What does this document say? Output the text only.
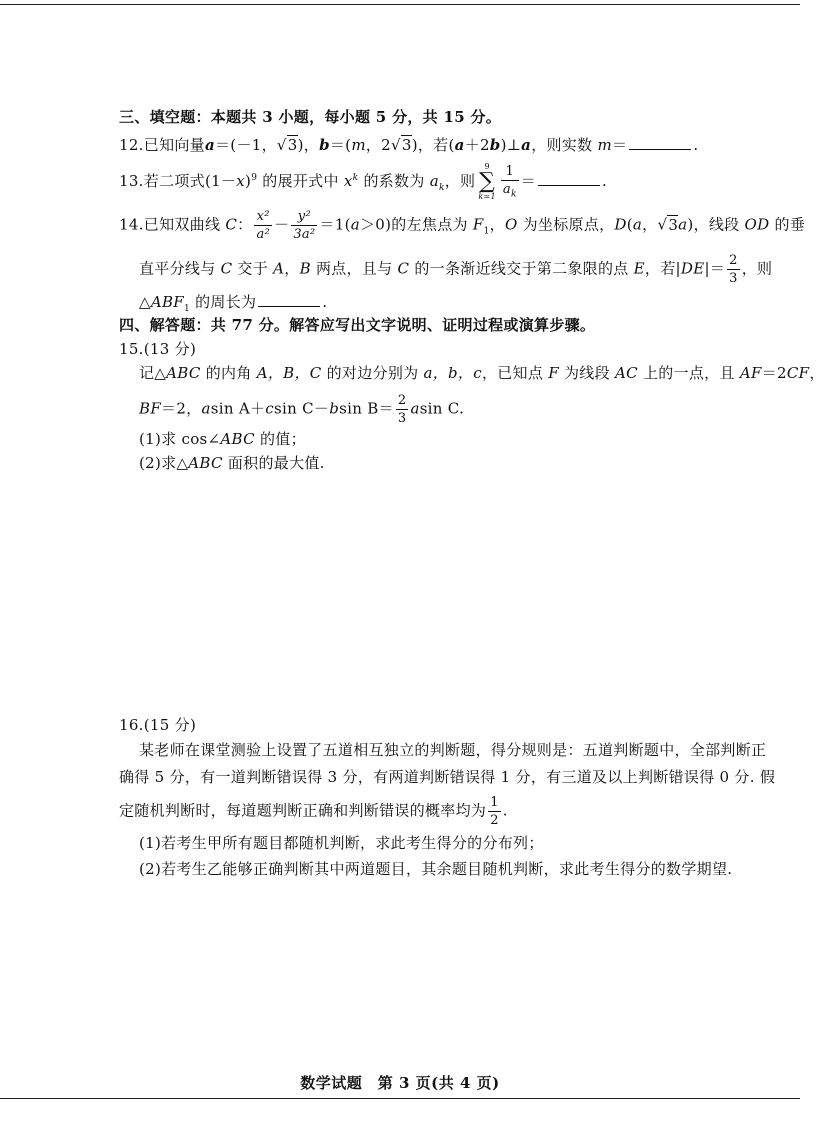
三、填空题：本题共 3 小题，每小题 5 分，共 15 分。
12.已知向量a＝(－1，√3)，b＝(m，2√3)，若(a＋2b)⊥a，则实数 m＝	.
13.若二项式$(1-x)^9$ 的展开式中 $x^k$ 的系数为 $a_k$，则
9
∑
$k=1 \frac{1}{a_k}$ ＝	.
14.已知双曲线 C： $\frac{\text{x²}}{\text{a²}} - \frac{\text{y²}}{\text{3a²}} =1(a>0)$的左焦点为 $F_1$，O 为坐标原点，D(a，√3a)，线段 OD 的垂
直平分线与 C 交于 A，B 两点，且与 C 的一条渐近线交于第二象限的点 E，若$|DE|= \frac{2}{3}$ ，则
$\triangle ABF_1$ 的周长为	.
四、解答题：共 77 分。解答应写出文字说明、证明过程或演算步骤。
15.(13 分)
记△ABC 的内角 A，B，C 的对边分别为 a，b，c，已知点 F 为线段 AC 上的一点，且 AF＝2CF，
BF＝2，asin A＋csin C－bsin $B= \frac{2}{3}$ asin C.
(1)求 cos∠ABC 的值；
(2)求△ABC 面积的最大值.
16.(15 分)
某老师在课堂测验上设置了五道相互独立的判断题，得分规则是：五道判断题中，全部判断正
确得 5 分，有一道判断错误得 3 分，有两道判断错误得 1 分，有三道及以上判断错误得 0 分. 假
定随机判断时，每道题判断正确和判断错误的概率均为 $\frac{1}{2}$ .
(1)若考生甲所有题目都随机判断，求此考生得分的分布列；
(2)若考生乙能够正确判断其中两道题目，其余题目随机判断，求此考生得分的数学期望.
数学试题　第 3 页(共 4 页)
